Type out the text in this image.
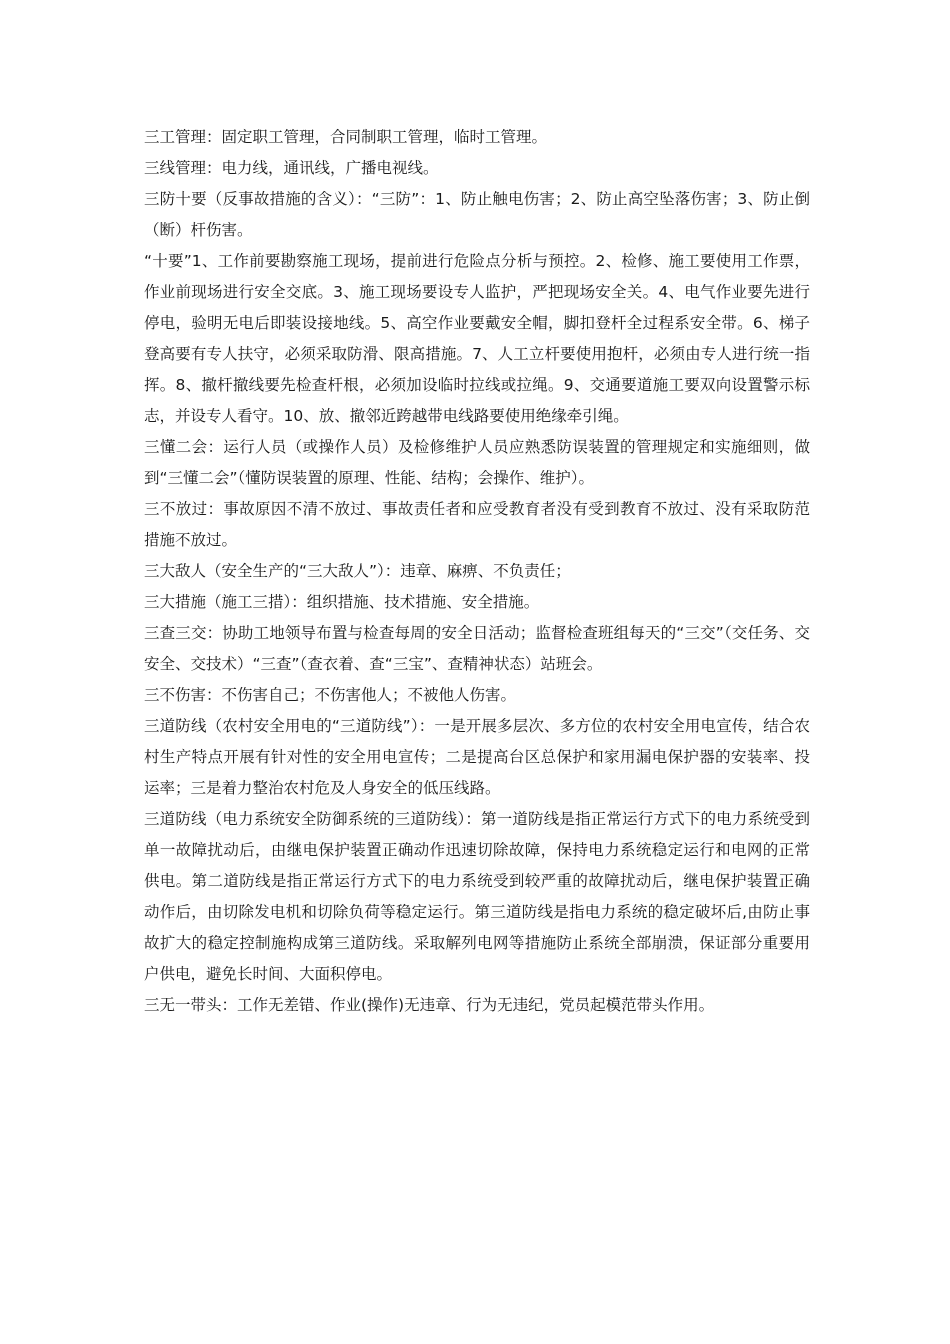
三工管理：固定职工管理，合同制职工管理，临时工管理。

三线管理：电力线，通讯线，广播电视线。

三防十要（反事故措施的含义）：“三防”：1、防止触电伤害；2、防止高空坠落伤害；3、防止倒（断）杆伤害。

“十要”1、工作前要勘察施工现场，提前进行危险点分析与预控。2、检修、施工要使用工作票，作业前现场进行安全交底。3、施工现场要设专人监护，严把现场安全关。4、电气作业要先进行停电，验明无电后即装设接地线。5、高空作业要戴安全帽，脚扣登杆全过程系安全带。6、梯子登高要有专人扶守，必须采取防滑、限高措施。7、人工立杆要使用抱杆，必须由专人进行统一指挥。8、撤杆撤线要先检查杆根，必须加设临时拉线或拉绳。9、交通要道施工要双向设置警示标志，并设专人看守。10、放、撤邻近跨越带电线路要使用绝缘牵引绳。

三懂二会：运行人员（或操作人员）及检修维护人员应熟悉防误装置的管理规定和实施细则，做到“三懂二会”（懂防误装置的原理、性能、结构；会操作、维护）。

三不放过：事故原因不清不放过、事故责任者和应受教育者没有受到教育不放过、没有采取防范措施不放过。

三大敌人（安全生产的“三大敌人”）：违章、麻痹、不负责任；

三大措施（施工三措）：组织措施、技术措施、安全措施。

三查三交：协助工地领导布置与检查每周的安全日活动；监督检查班组每天的“三交”（交任务、交安全、交技术）“三查”（查衣着、查“三宝”、查精神状态）站班会。

三不伤害：不伤害自己；不伤害他人；不被他人伤害。

三道防线（农村安全用电的“三道防线”）：一是开展多层次、多方位的农村安全用电宣传，结合农村生产特点开展有针对性的安全用电宣传；二是提高台区总保护和家用漏电保护器的安装率、投运率；三是着力整治农村危及人身安全的低压线路。

三道防线（电力系统安全防御系统的三道防线）：第一道防线是指正常运行方式下的电力系统受到单一故障扰动后，由继电保护装置正确动作迅速切除故障，保持电力系统稳定运行和电网的正常供电。第二道防线是指正常运行方式下的电力系统受到较严重的故障扰动后，继电保护装置正确动作后，由切除发电机和切除负荷等稳定运行。第三道防线是指电力系统的稳定破坏后,由防止事故扩大的稳定控制施构成第三道防线。采取解列电网等措施防止系统全部崩溃，保证部分重要用户供电，避免长时间、大面积停电。

三无一带头：工作无差错、作业(操作)无违章、行为无违纪，党员起模范带头作用。
